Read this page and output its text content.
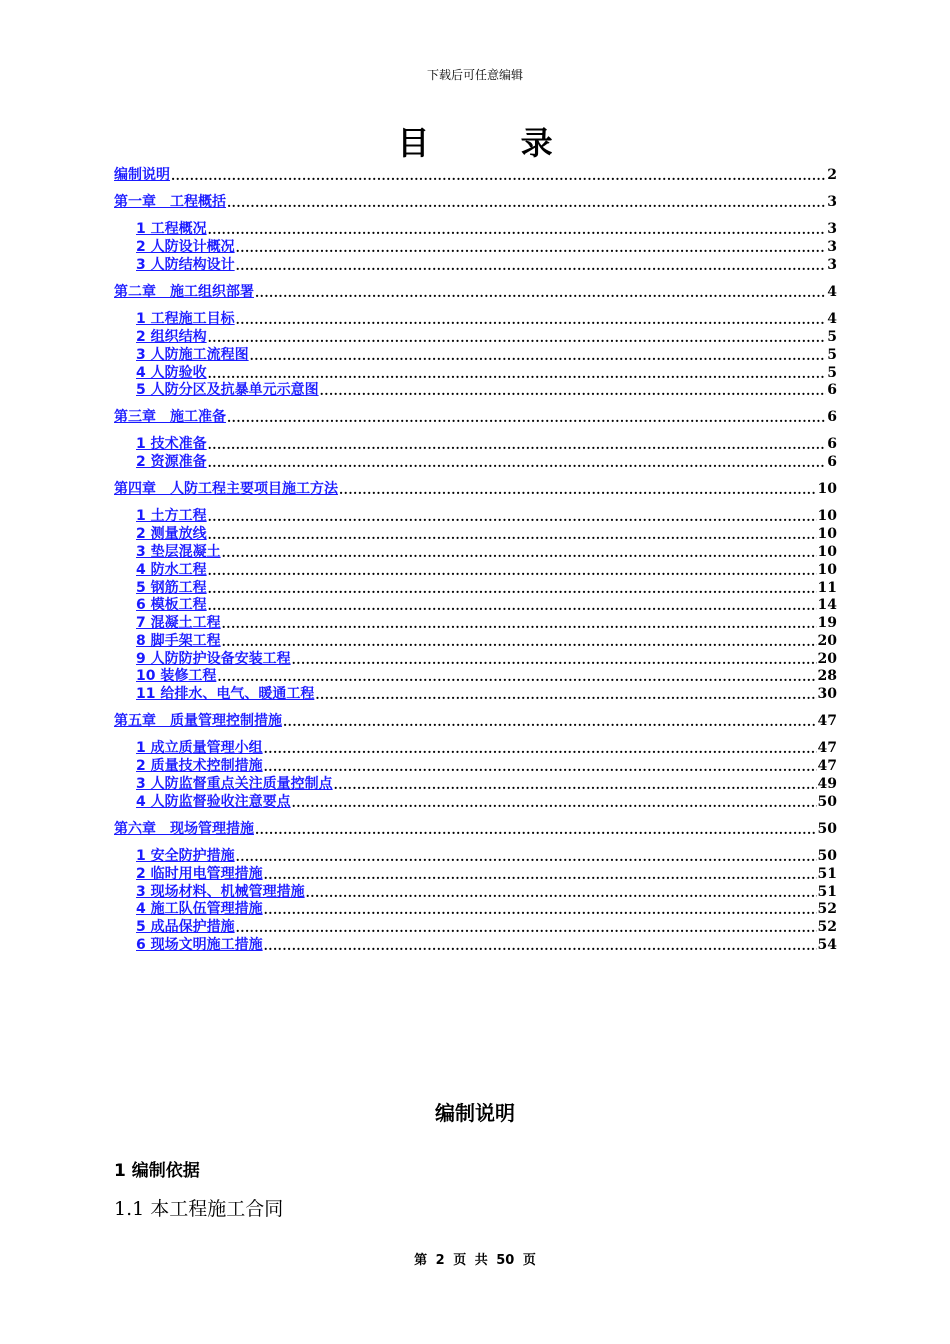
下载后可任意编辑
目 录
编制说明 .....	2
第一章　工程概括 .....	3
1 工程概况 .....	3
2 人防设计概况 .....	3
3 人防结构设计 .....	3
第二章　施工组织部署 .....	4
1 工程施工目标 .....	4
2 组织结构 .....	5
3 人防施工流程图 .....	5
4 人防验收 .....	5
5 人防分区及抗暴单元示意图 .....	6
第三章　施工准备 .....	6
1 技术准备 .....	6
2 资源准备 .....	6
第四章　人防工程主要项目施工方法 .....	10
1 土方工程 .....	10
2 测量放线 .....	10
3 垫层混凝土 .....	10
4 防水工程 .....	10
5 钢筋工程 .....	11
6 模板工程 .....	14
7 混凝土工程 .....	19
8 脚手架工程 .....	20
9 人防防护设备安装工程 .....	20
10 装修工程 .....	28
11 给排水、电气、暖通工程 .....	30
第五章　质量管理控制措施 .....	47
1 成立质量管理小组 .....	47
2 质量技术控制措施 .....	47
3 人防监督重点关注质量控制点 .....	49
4 人防监督验收注意要点 .....	50
第六章　现场管理措施 .....	50
1 安全防护措施 .....	50
2 临时用电管理措施 .....	51
3 现场材料、机械管理措施 .....	51
4 施工队伍管理措施 .....	52
5 成品保护措施 .....	52
6 现场文明施工措施 .....	54
编制说明
1 编制依据
1.1 本工程施工合同
第 2 页 共 50 页
